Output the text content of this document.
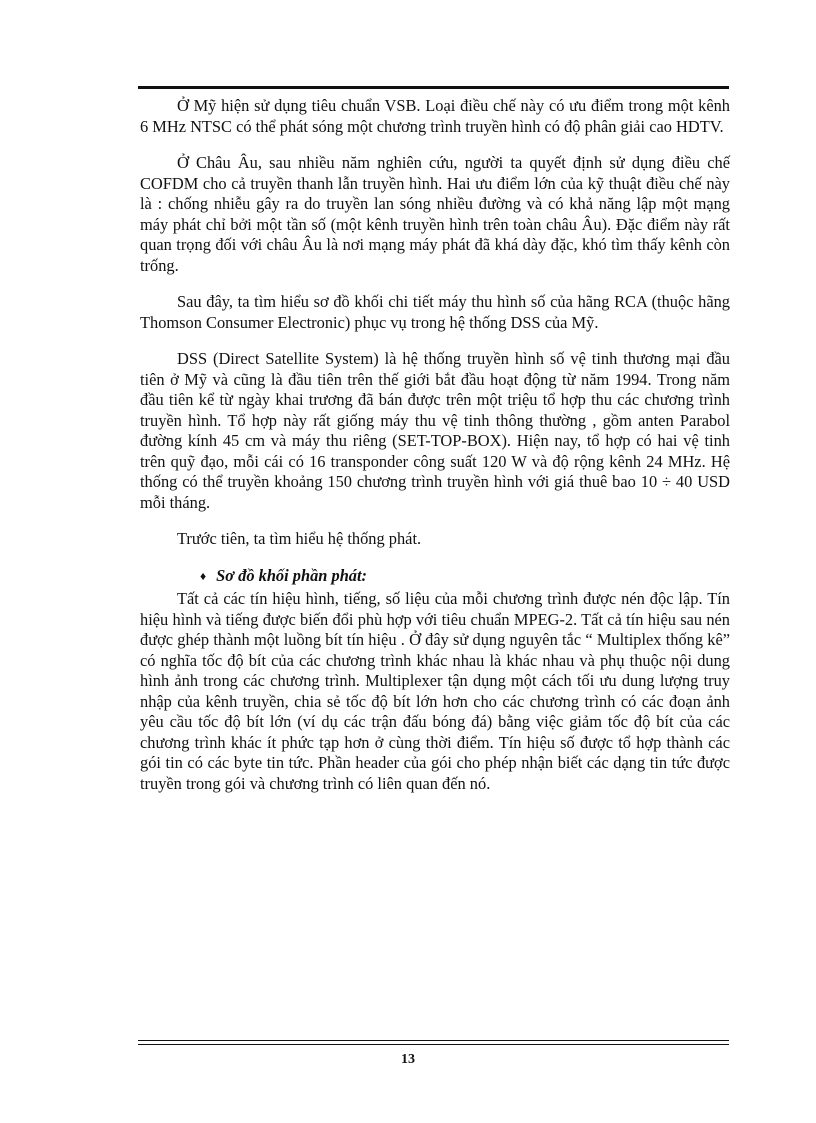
Ở Mỹ hiện sử dụng tiêu chuẩn VSB. Loại điều chế này có ưu điểm trong một kênh 6 MHz NTSC có thể phát sóng một chương trình truyền hình có độ phân giải cao HDTV.

Ở Châu Âu, sau nhiều năm nghiên cứu, người ta quyết định sử dụng điều chế COFDM cho cả truyền thanh lẫn truyền hình. Hai ưu điểm lớn của kỹ thuật điều chế này là : chống nhiễu gây ra do truyền lan sóng nhiều đường và có khả năng lập một mạng máy phát chỉ bởi một tần số (một kênh truyền hình trên toàn châu Âu). Đặc điểm này rất quan trọng đối với châu Âu là nơi mạng máy phát đã khá dày đặc, khó tìm thấy kênh còn trống.

Sau đây, ta tìm hiểu sơ đồ khối chi tiết máy thu hình số của hãng RCA (thuộc hãng Thomson Consumer Electronic) phục vụ trong hệ thống DSS của Mỹ.

DSS (Direct Satellite System) là hệ thống truyền hình số vệ tinh thương mại đầu tiên ở Mỹ và cũng là đầu tiên trên thế giới bắt đầu hoạt động từ năm 1994. Trong năm đầu tiên kể từ ngày khai trương đã bán được trên một triệu tổ hợp thu các chương trình truyền hình. Tổ hợp này rất giống máy thu vệ tinh thông thường , gồm anten Parabol đường kính 45 cm và máy thu riêng (SET-TOP-BOX). Hiện nay, tổ hợp có hai vệ tinh trên quỹ đạo, mỗi cái có 16 transponder công suất 120 W và độ rộng kênh 24 MHz. Hệ thống có thể truyền khoảng 150 chương trình truyền hình với giá thuê bao 10 ÷ 40 USD mỗi tháng.

Trước tiên, ta tìm hiểu hệ thống phát.

♦ Sơ đồ khối phần phát:

Tất cả các tín hiệu hình, tiếng, số liệu của mỗi chương trình được nén độc lập. Tín hiệu hình và tiếng được biến đổi phù hợp với tiêu chuẩn MPEG-2. Tất cả tín hiệu sau nén được ghép thành một luồng bít tín hiệu . Ở đây sử dụng nguyên tắc “ Multiplex thống kê” có nghĩa tốc độ bít của các chương trình khác nhau là khác nhau và phụ thuộc nội dung hình ảnh trong các chương trình. Multiplexer tận dụng một cách tối ưu dung lượng truy nhập của kênh truyền, chia sẻ tốc độ bít lớn hơn cho các chương trình có các đoạn ảnh yêu cầu tốc độ bít lớn (ví dụ các trận đấu bóng đá) bằng việc giảm tốc độ bít của các chương trình khác ít phức tạp hơn ở cùng thời điểm. Tín hiệu số được tổ hợp thành các gói tin có các byte tin tức. Phần header của gói cho phép nhận biết các dạng tin tức được truyền trong gói và chương trình có liên quan đến nó.

13
